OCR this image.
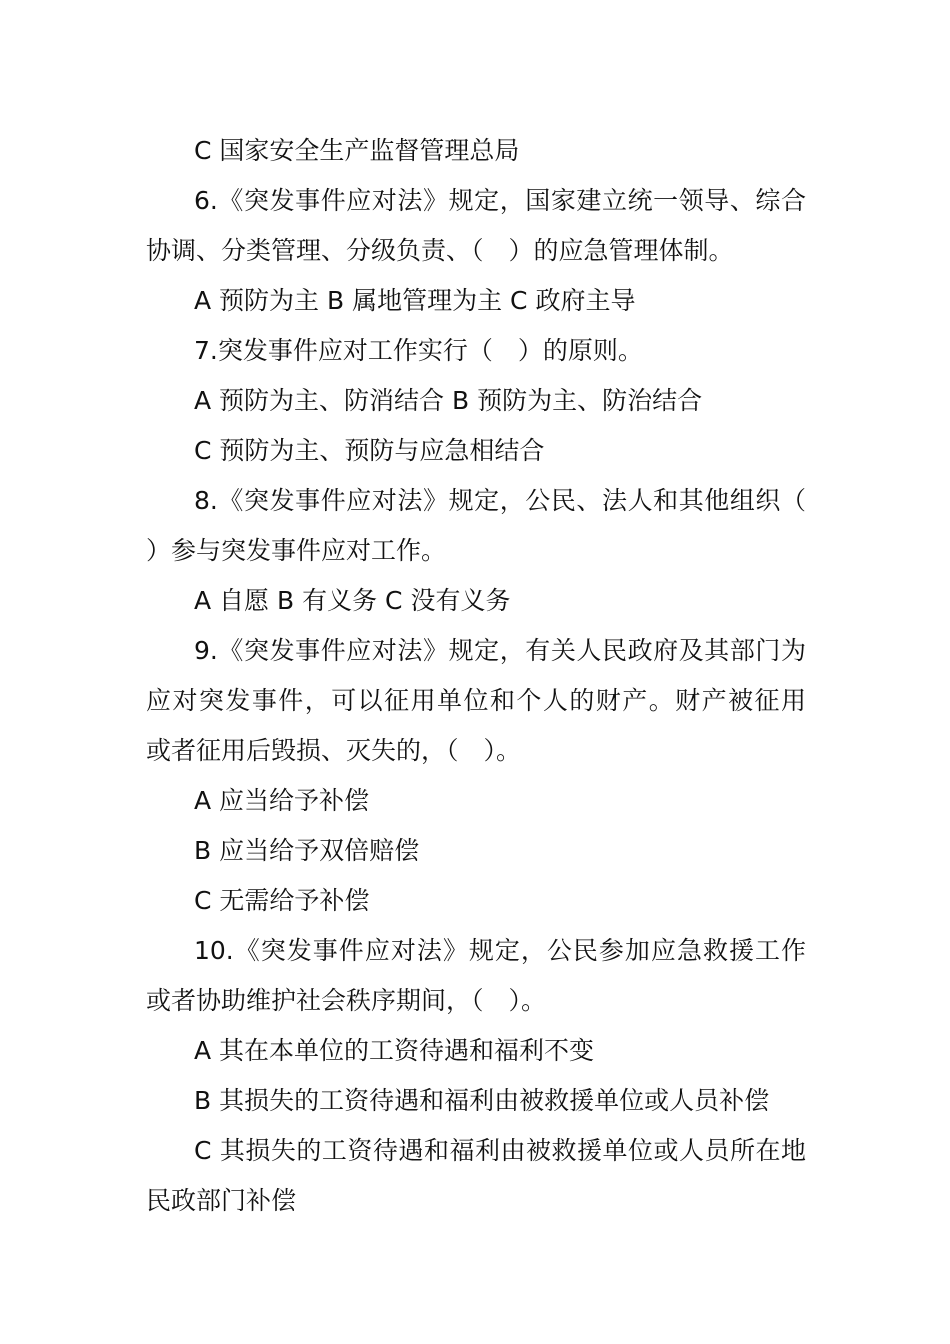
C 国家安全生产监督管理总局
6.《突发事件应对法》规定，国家建立统一领导、综合
协调、分类管理、分级负责、（　）的应急管理体制。
A 预防为主 B 属地管理为主 C 政府主导
7.突发事件应对工作实行（　）的原则。
A 预防为主、防消结合 B 预防为主、防治结合
C 预防为主、预防与应急相结合
8.《突发事件应对法》规定，公民、法人和其他组织（
）参与突发事件应对工作。
A 自愿 B 有义务 C 没有义务
9.《突发事件应对法》规定，有关人民政府及其部门为
应对突发事件，可以征用单位和个人的财产。财产被征用
或者征用后毁损、灭失的，（　）。
A 应当给予补偿
B 应当给予双倍赔偿
C 无需给予补偿
10.《突发事件应对法》规定，公民参加应急救援工作
或者协助维护社会秩序期间，（　）。
A 其在本单位的工资待遇和福利不变
B 其损失的工资待遇和福利由被救援单位或人员补偿
C 其损失的工资待遇和福利由被救援单位或人员所在地
民政部门补偿
